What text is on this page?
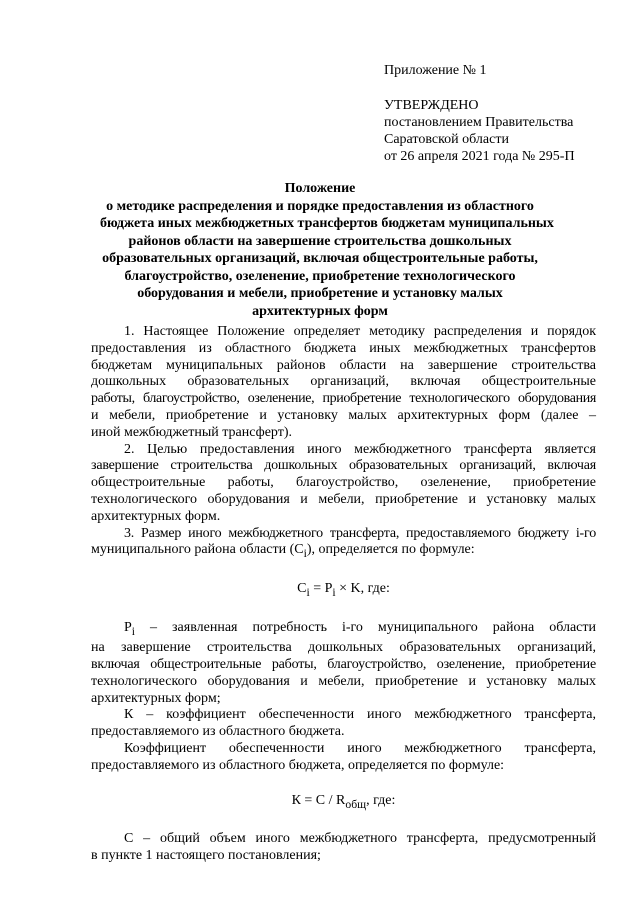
Приложение № 1
УТВЕРЖДЕНО
постановлением Правительства
Саратовской области
от 26 апреля 2021 года № 295-П
Положение
о методике распределения и порядке предоставления из областного
бюджета иных межбюджетных трансфертов бюджетам муниципальных
районов области на завершение строительства дошкольных
образовательных организаций, включая общестроительные работы,
благоустройство, озеленение, приобретение технологического
оборудования и мебели, приобретение и установку малых
архитектурных форм
1. Настоящее Положение определяет методику распределения и порядок
предоставления из областного бюджета иных межбюджетных трансфертов
бюджетам муниципальных районов области на завершение строительства
дошкольных образовательных организаций, включая общестроительные
работы, благоустройство, озеленение, приобретение технологического оборудования
и мебели, приобретение и установку малых архитектурных форм (далее –
иной межбюджетный трансферт).
2. Целью предоставления иного межбюджетного трансферта является
завершение строительства дошкольных образовательных организаций, включая
общестроительные работы, благоустройство, озеленение, приобретение
технологического оборудования и мебели, приобретение и установку малых
архитектурных форм.
3. Размер иного межбюджетного трансферта, предоставляемого бюджету i-го
муниципального района области $(C_i)$, определяется по формуле:
$C_i = P_i \times K$, где:
$P_i$ – заявленная потребность i-го муниципального района области
на завершение строительства дошкольных образовательных организаций,
включая общестроительные работы, благоустройство, озеленение, приобретение
технологического оборудования и мебели, приобретение и установку малых
архитектурных форм;
К – коэффициент обеспеченности иного межбюджетного трансферта,
предоставляемого из областного бюджета.
Коэффициент обеспеченности иного межбюджетного трансферта,
предоставляемого из областного бюджета, определяется по формуле:
$К = С / R_{общ}$, где:
С – общий объем иного межбюджетного трансферта, предусмотренный
в пункте 1 настоящего постановления;
